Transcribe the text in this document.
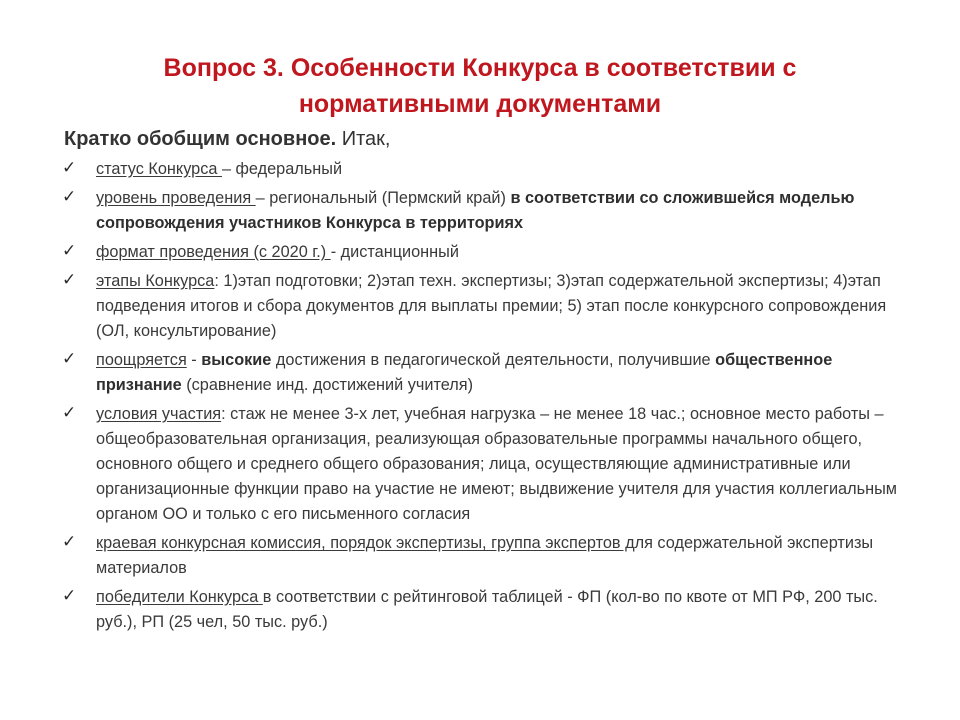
Вопрос 3. Особенности Конкурса в соответствии с
нормативными документами
Кратко обобщим основное. Итак,
✓ статус Конкурса – федеральный
✓ уровень проведения – региональный (Пермский край) в соответствии со сложившейся моделью сопровождения участников Конкурса в территориях
✓ формат проведения (с 2020 г.) - дистанционный
✓ этапы Конкурса: 1)этап подготовки; 2)этап техн. экспертизы; 3)этап содержательной экспертизы; 4)этап подведения итогов и сбора документов для выплаты премии; 5) этап после конкурсного сопровождения (ОЛ, консультирование)
✓ поощряется - высокие достижения в педагогической деятельности, получившие общественное признание (сравнение инд. достижений учителя)
✓ условия участия: стаж не менее 3-х лет, учебная нагрузка – не менее 18 час.; основное место работы – общеобразовательная организация, реализующая образовательные программы начального общего, основного общего и среднего общего образования; лица, осуществляющие административные или организационные функции право на участие не имеют; выдвижение учителя для участия коллегиальным органом ОО и только с его письменного согласия
✓ краевая конкурсная комиссия, порядок экспертизы, группа экспертов для содержательной экспертизы материалов
✓ победители Конкурса в соответствии с рейтинговой таблицей - ФП (кол-во по квоте от МП РФ, 200 тыс. руб.), РП (25 чел, 50 тыс. руб.)
